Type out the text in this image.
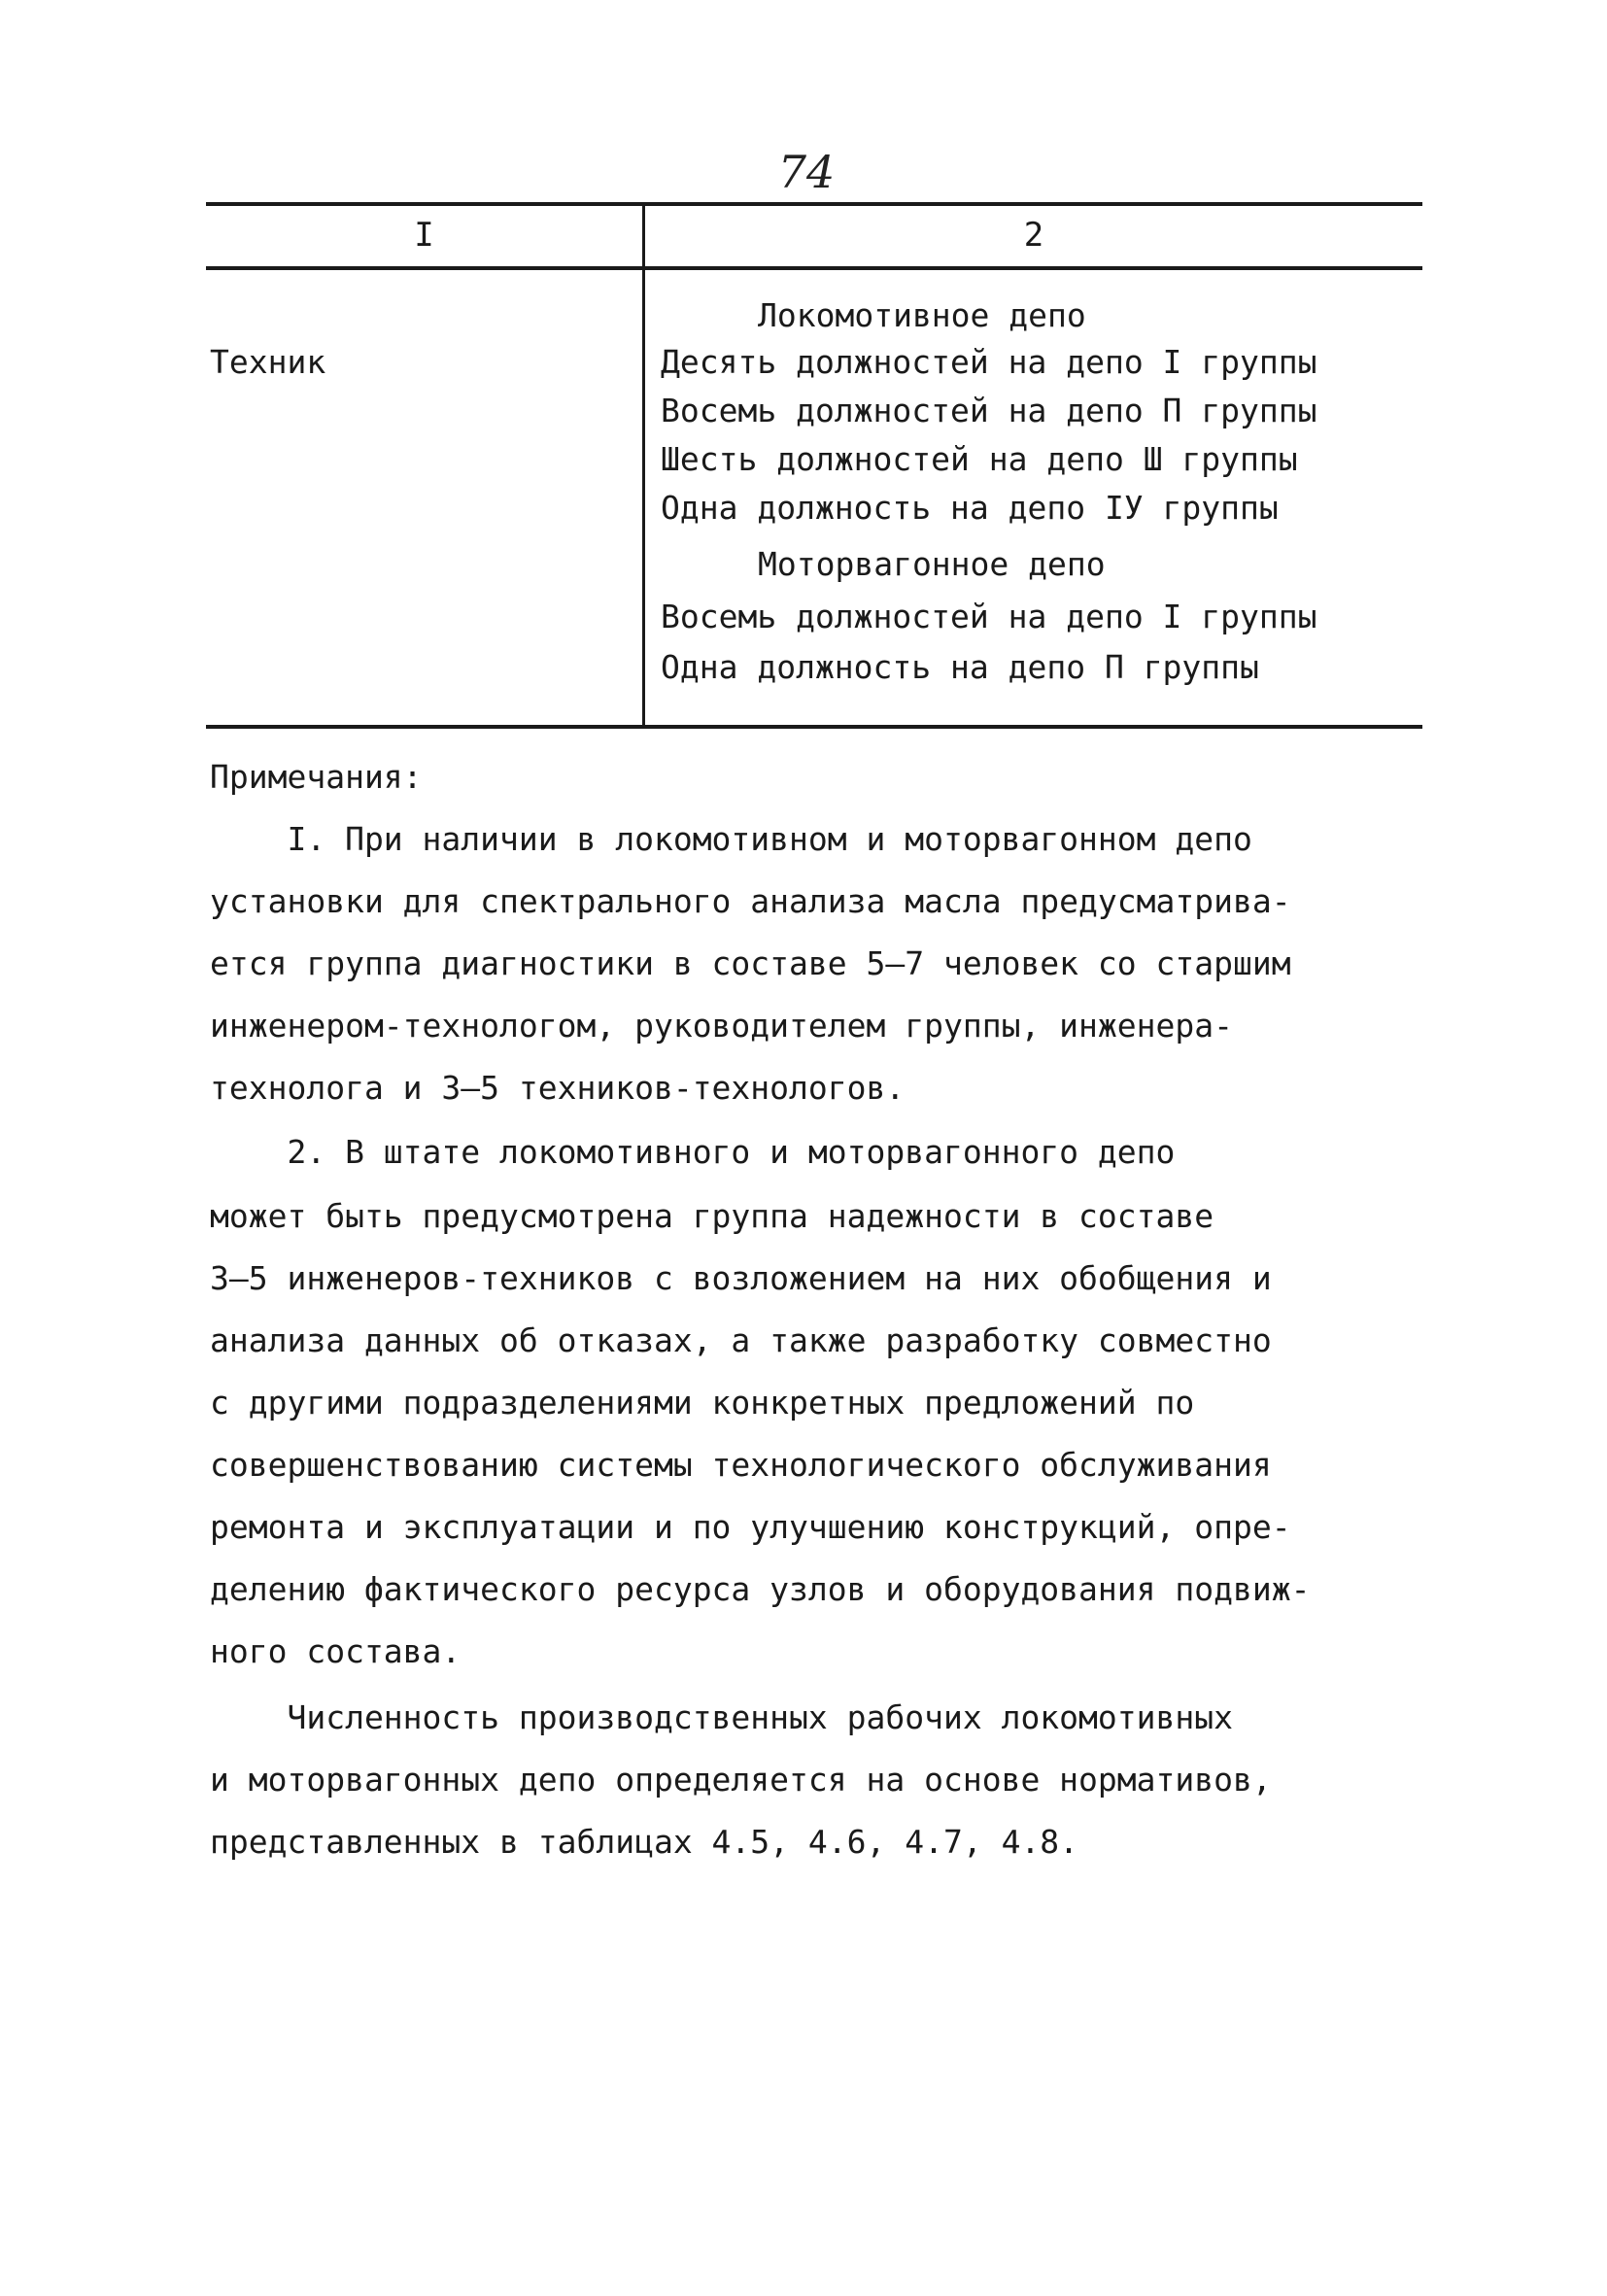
74
I	2
Техник
Локомотивное депо
Десять должностей на депо I группы
Восемь должностей на депо П группы
Шесть должностей на депо Ш группы
Одна должность на депо IУ группы
Моторвагонное депо
Восемь должностей на депо I группы
Одна должность на депо П группы
Примечания:
I. При наличии в локомотивном и моторвагонном депо
установки для спектрального анализа масла предусматрива-
ется группа диагностики в составе 5–7 человек со старшим
инженером-технологом, руководителем группы, инженера-
технолога и 3–5 техников-технологов.
2. В штате локомотивного и моторвагонного депо
может быть предусмотрена группа надежности в составе
3–5 инженеров-техников с возложением на них обобщения и
анализа данных об отказах, а также разработку совместно
с другими подразделениями конкретных предложений по
совершенствованию системы технологического обслуживания
ремонта и эксплуатации и по улучшению конструкций, опре-
делению фактического ресурса узлов и оборудования подвиж-
ного состава.
Численность производственных рабочих локомотивных
и моторвагонных депо определяется на основе нормативов,
представленных в таблицах 4.5, 4.6, 4.7, 4.8.
